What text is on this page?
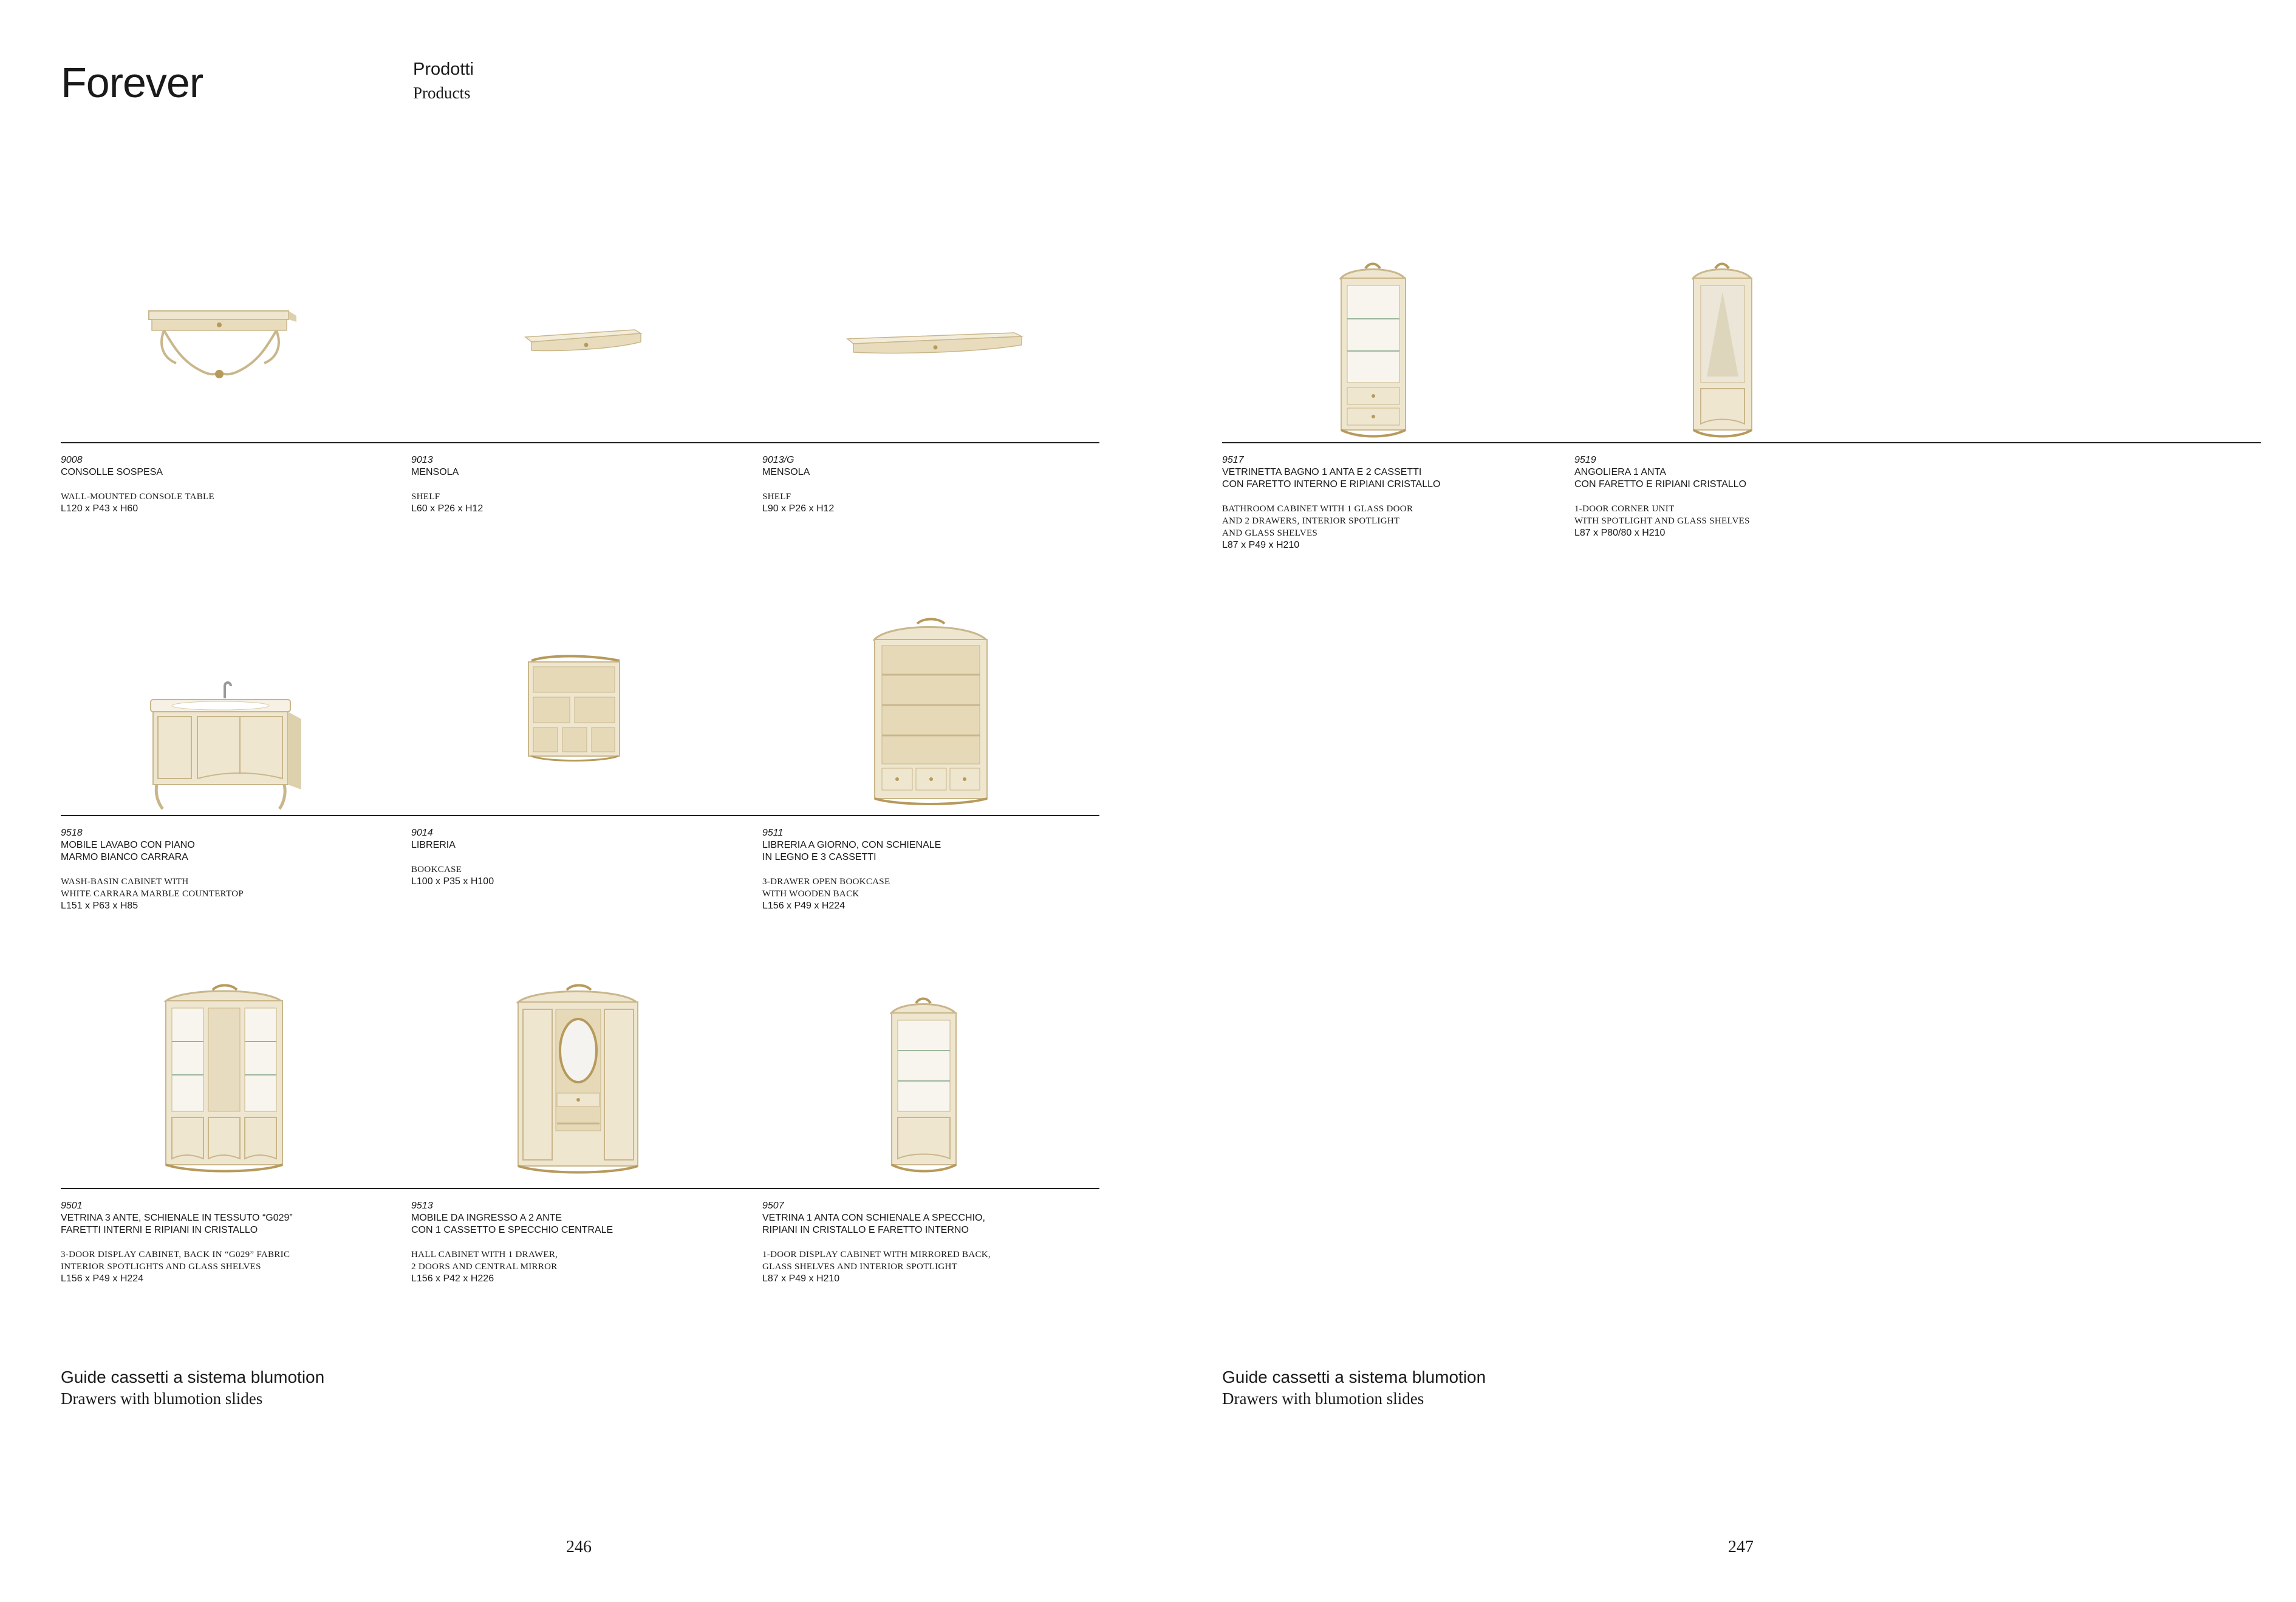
Forever	Prodotti
Products
9008
CONSOLLE SOSPESA
WALL-MOUNTED CONSOLE TABLE
L120 x P43 x H60
9013
MENSOLA
SHELF
L60 x P26 x H12
9013/G
MENSOLA
SHELF
L90 x P26 x H12
9518
MOBILE LAVABO CON PIANO
MARMO BIANCO CARRARA
WASH-BASIN CABINET WITH
WHITE CARRARA MARBLE COUNTERTOP
L151 x P63 x H85
9014
LIBRERIA
BOOKCASE
L100 x P35 x H100
9511
LIBRERIA A GIORNO, CON SCHIENALE
IN LEGNO E 3 CASSETTI
3-DRAWER OPEN BOOKCASE
WITH WOODEN BACK
L156 x P49 x H224
9501
VETRINA 3 ANTE, SCHIENALE IN TESSUTO “G029”
FARETTI INTERNI E RIPIANI IN CRISTALLO
3-DOOR DISPLAY CABINET, BACK IN “G029” FABRIC
INTERIOR SPOTLIGHTS AND GLASS SHELVES
L156 x P49 x H224
9513
MOBILE DA INGRESSO A 2 ANTE
CON 1 CASSETTO E SPECCHIO CENTRALE
HALL CABINET WITH 1 DRAWER,
2 DOORS AND CENTRAL MIRROR
L156 x P42 x H226
9507
VETRINA 1 ANTA CON SCHIENALE A SPECCHIO,
RIPIANI IN CRISTALLO E FARETTO INTERNO
1-DOOR DISPLAY CABINET WITH MIRRORED BACK,
GLASS SHELVES AND INTERIOR SPOTLIGHT
L87 x P49 x H210
9517
VETRINETTA BAGNO 1 ANTA E 2 CASSETTI
CON FARETTO INTERNO E RIPIANI CRISTALLO
BATHROOM CABINET WITH 1 GLASS DOOR
AND 2 DRAWERS, INTERIOR SPOTLIGHT
AND GLASS SHELVES
L87 x P49 x H210
9519
ANGOLIERA 1 ANTA
CON FARETTO E RIPIANI CRISTALLO
1-DOOR CORNER UNIT
WITH SPOTLIGHT AND GLASS SHELVES
L87 x P80/80 x H210
Guide cassetti a sistema blumotion
Drawers with blumotion slides
Guide cassetti a sistema blumotion
Drawers with blumotion slides
246	247
